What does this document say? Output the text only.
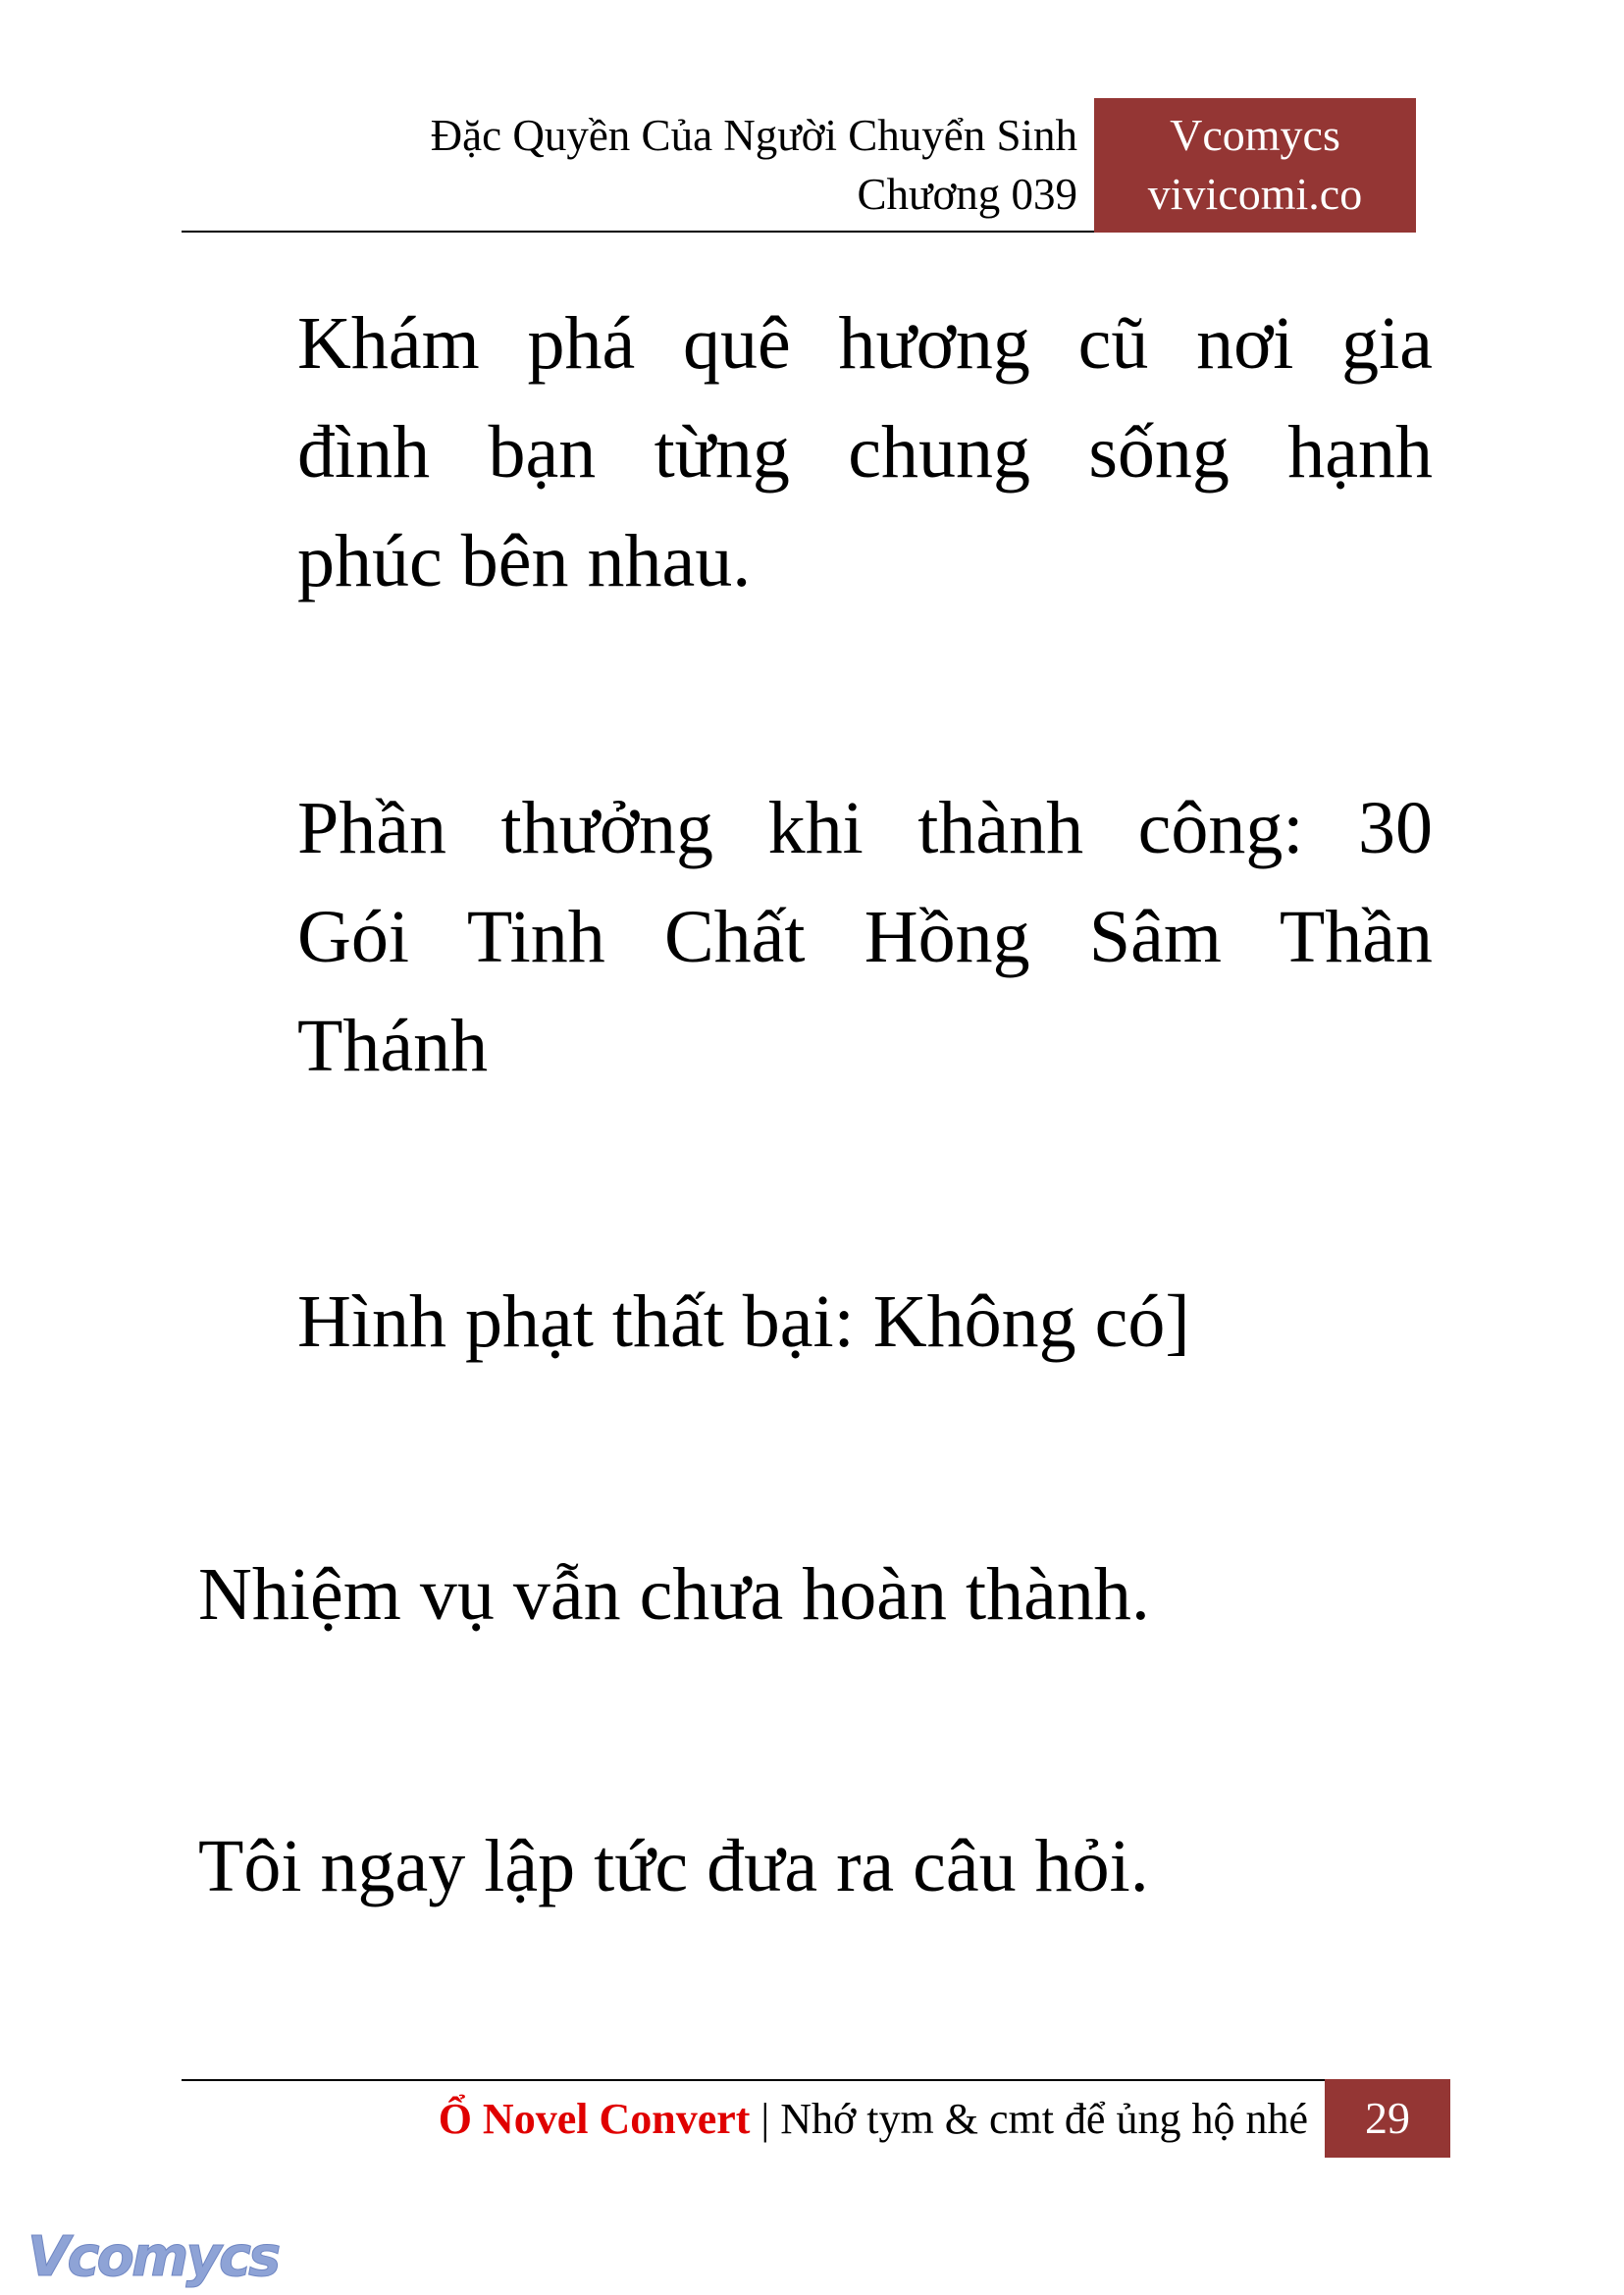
Đặc Quyền Của Người Chuyển Sinh
Chương 039
Vcomycs
vivicomi.co
Khám phá quê hương cũ nơi gia
đình bạn từng chung sống hạnh
phúc bên nhau.
Phần thưởng khi thành công: 30
Gói Tinh Chất Hồng Sâm Thần
Thánh
Hình phạt thất bại: Không có]
Nhiệm vụ vẫn chưa hoàn thành.
Tôi ngay lập tức đưa ra câu hỏi.
Ổ Novel Convert | Nhớ tym & cmt để ủng hộ nhé	29
Vcomycs
